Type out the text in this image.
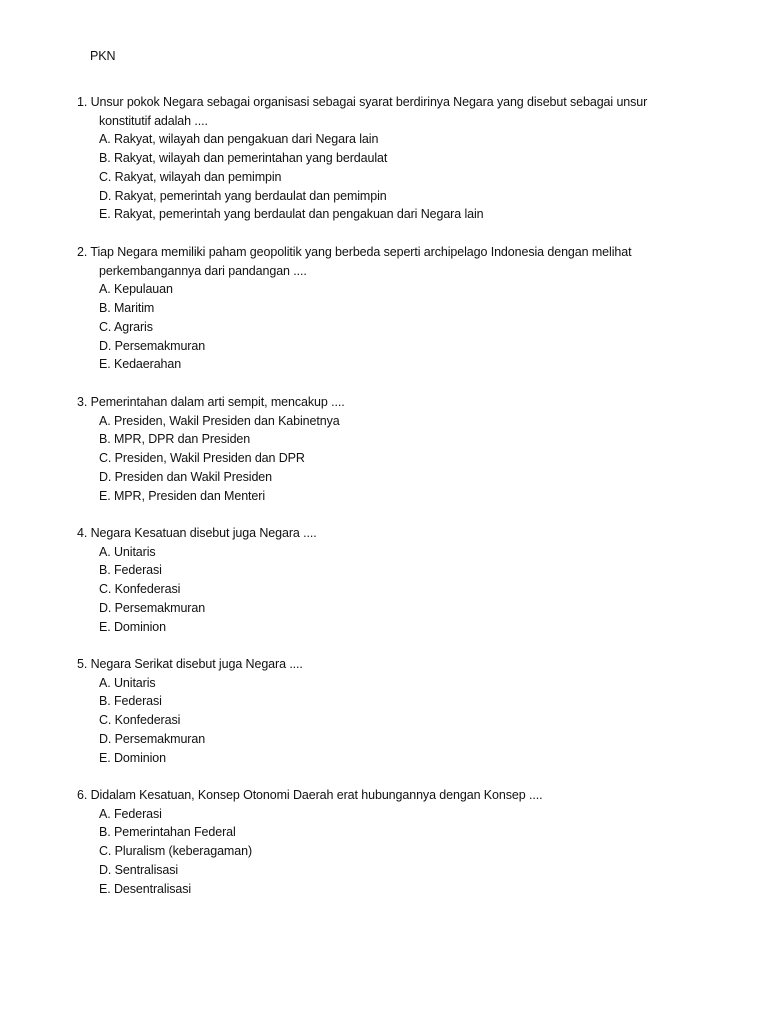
PKN
1. Unsur pokok Negara sebagai organisasi sebagai syarat berdirinya Negara yang disebut sebagai unsur
konstitutif adalah ....
A. Rakyat, wilayah dan pengakuan dari Negara lain
B. Rakyat, wilayah dan pemerintahan yang berdaulat
C. Rakyat, wilayah dan pemimpin
D. Rakyat, pemerintah yang berdaulat dan pemimpin
E. Rakyat, pemerintah yang berdaulat dan pengakuan dari Negara lain
2. Tiap Negara memiliki paham geopolitik yang berbeda seperti archipelago Indonesia dengan melihat
perkembangannya dari pandangan ....
A. Kepulauan
B. Maritim
C. Agraris
D. Persemakmuran
E. Kedaerahan
3. Pemerintahan dalam arti sempit, mencakup ....
A. Presiden, Wakil Presiden dan Kabinetnya
B. MPR, DPR dan Presiden
C. Presiden, Wakil Presiden dan DPR
D. Presiden dan Wakil Presiden
E. MPR, Presiden dan Menteri
4. Negara Kesatuan disebut juga Negara ....
A. Unitaris
B. Federasi
C. Konfederasi
D. Persemakmuran
E. Dominion
5. Negara Serikat disebut juga Negara ....
A. Unitaris
B. Federasi
C. Konfederasi
D. Persemakmuran
E. Dominion
6. Didalam Kesatuan, Konsep Otonomi Daerah erat hubungannya dengan Konsep ....
A. Federasi
B. Pemerintahan Federal
C. Pluralism (keberagaman)
D. Sentralisasi
E. Desentralisasi
